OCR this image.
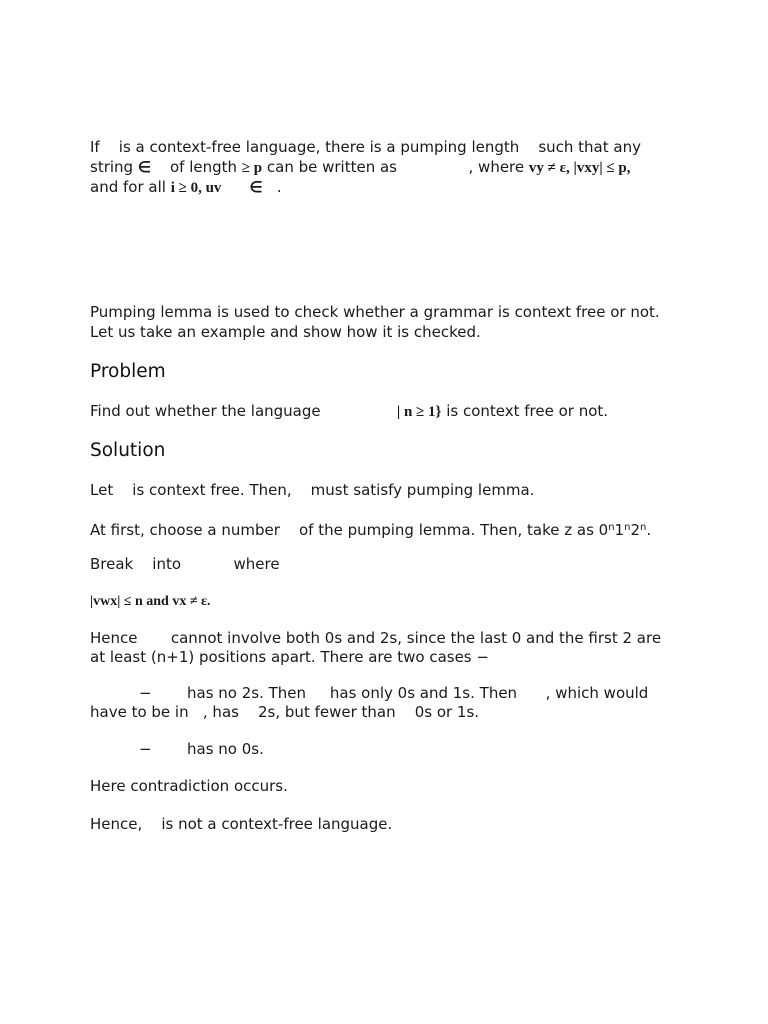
If    is a context-free language, there is a pumping length    such that any
string ∈    of length ≥ p can be written as               , where vy ≠ ε, |vxy| ≤ p,
and for all i ≥ 0, uv ∈   .
Pumping lemma is used to check whether a grammar is context free or not.
Let us take an example and show how it is checked.
Problem
Find out whether the language                | n ≥ 1} is context free or not.
Solution
Let    is context free. Then,    must satisfy pumping lemma.
At first, choose a number    of the pumping lemma. Then, take z as 0$^n$1$^n$2$^n$.
Break    into           where
|vwx| ≤ n and vx ≠ ε.
Hence       cannot involve both 0s and 2s, since the last 0 and the first 2 are
at least (n+1) positions apart. There are two cases −
− has no 2s. Then     has only 0s and 1s. Then      , which would
have to be in   , has    2s, but fewer than    0s or 1s.
− has no 0s.
Here contradiction occurs.
Hence,    is not a context-free language.
